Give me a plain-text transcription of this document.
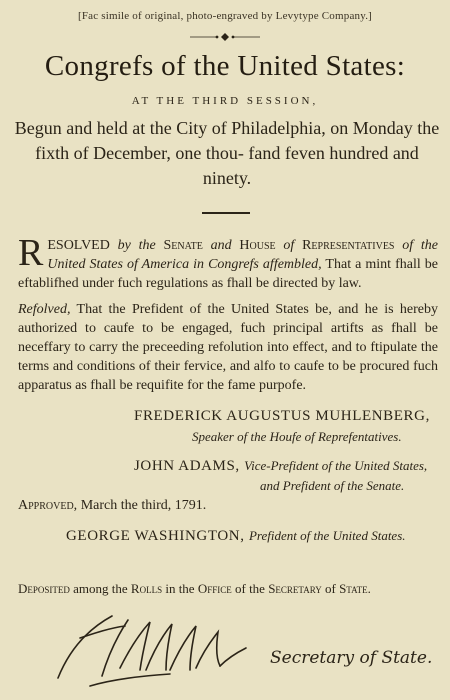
[Fac simile of original, photo-engraved by Levytype Company.]
Congrefs of the United States:
AT THE THIRD SESSION,
Begun and held at the City of Philadelphia, on Monday the fixth of December, one thou- fand feven hundred and ninety.
RESOLVED by the Senate and House of Representatives of the United States of America in Congrefs affembled, That a mint fhall be eftablifhed under fuch regulations as fhall be directed by law.
Refolved, That the Prefident of the United States be, and he is hereby authorized to caufe to be engaged, fuch principal artifts as fhall be neceffary to carry the preceeding refolution into effect, and to ftipulate the terms and conditions of their fervice, and alfo to caufe to be procured fuch apparatus as fhall be requifite for the fame purpofe.
FREDERICK AUGUSTUS MUHLENBERG,
Speaker of the Houfe of Reprefentatives.
JOHN ADAMS, Vice-Prefident of the United States,
and Prefident of the Senate.
Approved, March the third, 1791.
GEORGE WASHINGTON, Prefident of the United States.
Deposited among the Rolls in the Office of the Secretary of State.
Secretary of State.
